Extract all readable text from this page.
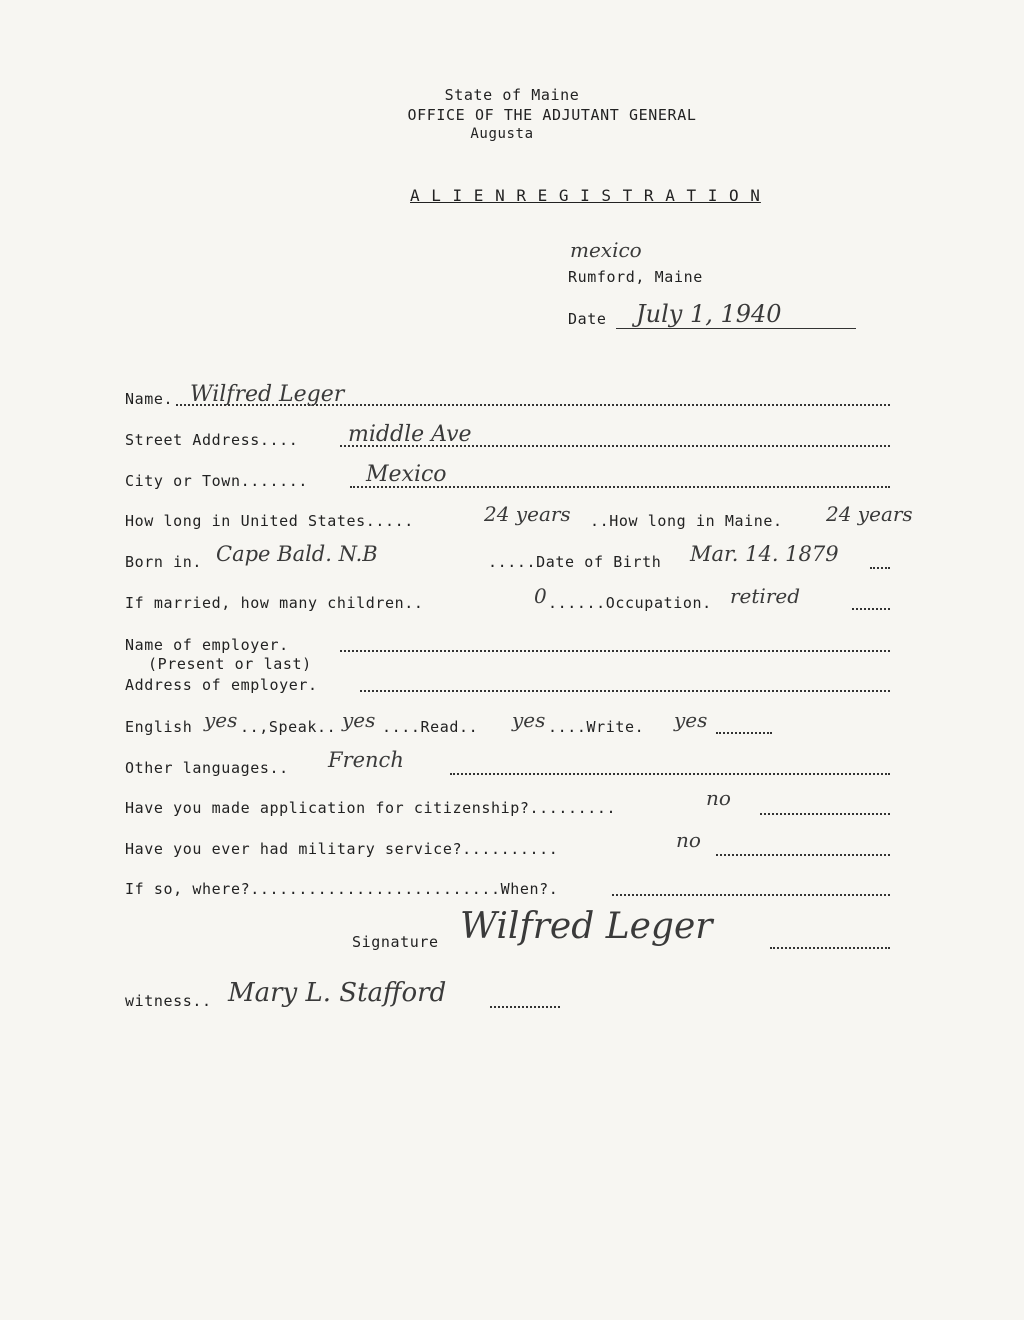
State of Maine
OFFICE OF THE ADJUTANT GENERAL
Augusta
A L I E N R E G I S T R A T I O N
mexico
Rumford, Maine
Date July 1, 1940
Name. Wilfred Leger
Street Address.... middle Ave
City or Town.......	Mexico
How long in United States.....	24 years ..How long in Maine. 24 years
Born in. Cape Bald. N.B	.....Date of Birth Mar. 14. 1879
If married, how many children..	0 ......Occupation. retired
Name of employer.
(Present or last)
Address of employer.
English yes ..,Speak.. yes ....Read.. yes ....Write. yes
Other languages.. French
Have you made application for citizenship?.........	no
Have you ever had military service?..........	no
If so, where?..........................When?.
Signature Wilfred Leger
witness.. Mary L. Stafford
